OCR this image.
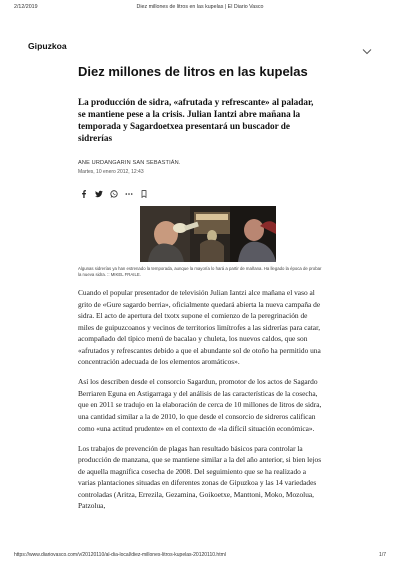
2/12/2019	Diez millones de litros en las kupelas | El Diario Vasco
Gipuzkoa
Diez millones de litros en las kupelas
La producción de sidra, «afrutada y refrescante» al paladar, se mantiene pese a la crisis. Julian Iantzi abre mañana la temporada y Sagardoetxea presentará un buscador de sidrerías
ANE URDANGARIN SAN SEBASTIÁN.
Martes, 10 enero 2012, 12:43
Algunas sidrerías ya han estrenado la temporada, aunque la mayoría lo hará a partir de mañana. Ha llegado la época de probar la nueva sidra. :: MIKEL FRAILE.

Cuando el popular presentador de televisión Julian Iantzi alce mañana el vaso al grito de «Gure sagardo berria», oficialmente quedará abierta la nueva campaña de sidra. El acto de apertura del txotx supone el comienzo de la peregrinación de miles de guipuzcoanos y vecinos de territorios limítrofes a las sidrerías para catar, acompañado del típico menú de bacalao y chuleta, los nuevos caldos, que son «afrutados y refrescantes debido a que el abundante sol de otoño ha permitido una concentración adecuada de los elementos aromáticos».

Así los describen desde el consorcio Sagardun, promotor de los actos de Sagardo Berriaren Eguna en Astigarraga y del análisis de las características de la cosecha, que en 2011 se tradujo en la elaboración de cerca de 10 millones de litros de sidra, una cantidad similar a la de 2010, lo que desde el consorcio de sidreros califican como «una actitud prudente» en el contexto de «la difícil situación económica».

Los trabajos de prevención de plagas han resultado básicos para controlar la producción de manzana, que se mantiene similar a la del año anterior, si bien lejos de aquella magnífica cosecha de 2008. Del seguimiento que se ha realizado a varias plantaciones situadas en diferentes zonas de Gipuzkoa y las 14 variedades controladas (Aritza, Errezila, Gezamina, Goikoetxe, Manttoni, Moko, Mozolua, Patzolua,

https://www.diariovasco.com/v/20120110/al-dia-local/diez-millones-litros-kupelas-20120110.html	1/7
